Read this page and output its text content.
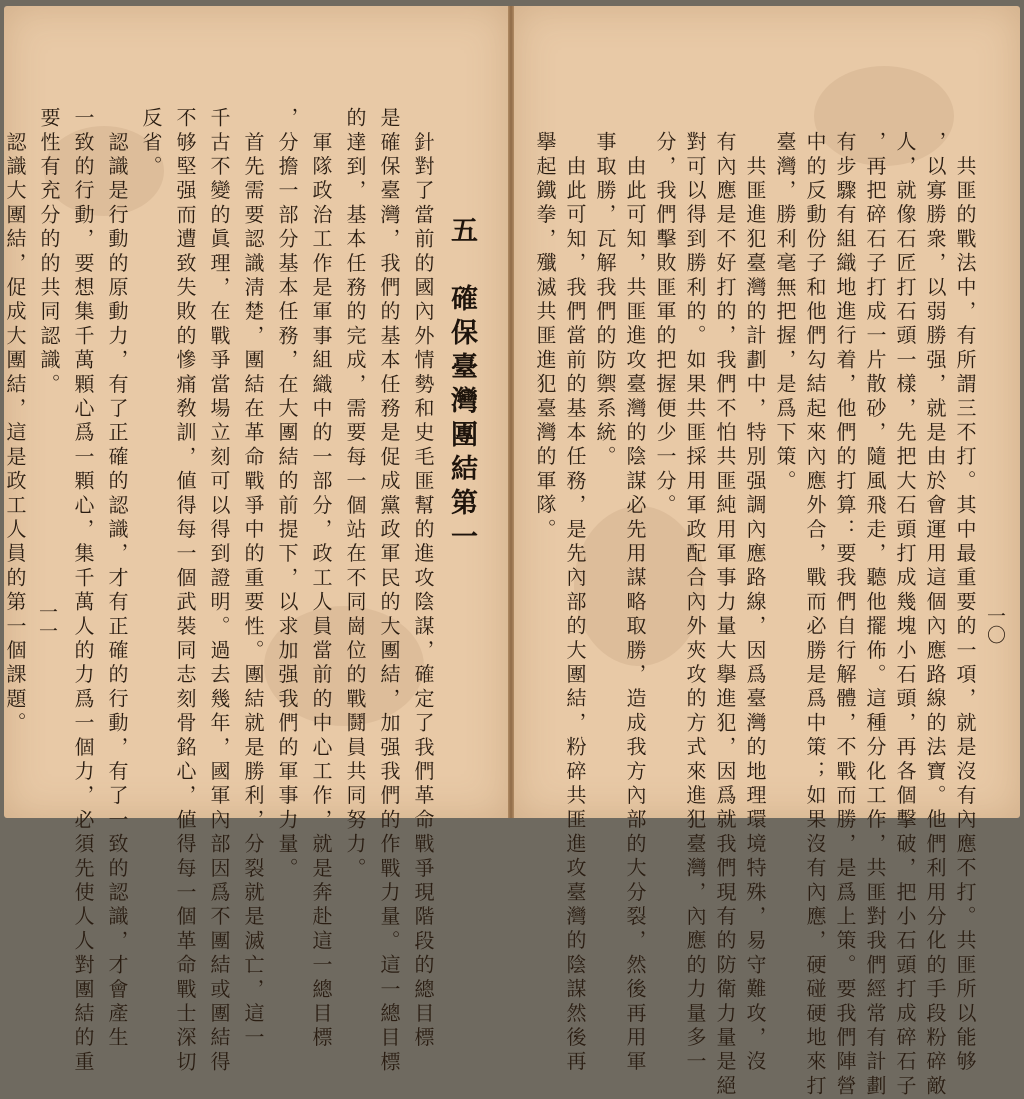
五　確保臺灣團結第一
　針對了當前的國內外情勢和史毛匪幫的進攻陰謀，確定了我們革命戰爭現階段的總目標
是確保臺灣，我們的基本任務是促成黨政軍民的大團結，加强我們的作戰力量。這一總目標
的達到，基本任務的完成，需要每一個站在不同崗位的戰鬪員共同努力。
　軍隊政治工作是軍事組織中的一部分，政工人員當前的中心工作，就是奔赴這一總目標
，分擔一部分基本任務，在大團結的前提下，以求加强我們的軍事力量。
　首先需要認識淸楚，團結在革命戰爭中的重要性。團結就是勝利，分裂就是滅亡，這一
千古不變的眞理，在戰爭當場立刻可以得到證明。過去幾年，國軍內部因爲不團結或團結得
不够堅强而遭致失敗的慘痛敎訓，値得每一個武裝同志刻骨銘心，値得每一個革命戰士深切
反省。
　認識是行動的原動力，有了正確的認識，才有正確的行動，有了一致的認識，才會產生
一致的行動，要想集千萬顆心爲一顆心，集千萬人的力爲一個力，必須先使人人對團結的重
要性有充分的的共同認識。
　認識大團結，促成大團結，這是政工人員的第一個課題。 一一	一〇
　共匪的戰法中，有所謂三不打。其中最重要的一項，就是沒有內應不打。共匪所以能够
，以寡勝衆，以弱勝强，就是由於會運用這個內應路線的法寶。他們利用分化的手段粉碎敵
人，就像石匠打石頭一樣，先把大石頭打成幾塊小石頭，再各個擊破，把小石頭打成碎石子
，再把碎石子打成一片散砂，隨風飛走，聽他擺佈。這種分化工作，共匪對我們經常有計劃
有步驟有組織地進行着，他們的打算：要我們自行解體，不戰而勝，是爲上策。要我們陣營
中的反動份子和他們勾結起來內應外合，戰而必勝是爲中策；如果沒有內應，硬碰硬地來打
臺灣，勝利毫無把握，是爲下策。
　共匪進犯臺灣的計劃中，特別强調內應路線，因爲臺灣的地理環境特殊，易守難攻，沒
有內應是不好打的，我們不怕共匪純用軍事力量大擧進犯，因爲就我們現有的防衛力量是絕
對可以得到勝利的。如果共匪採用軍政配合內外夾攻的方式來進犯臺灣，內應的力量多一
分，我們擊敗匪軍的把握便少一分。
　由此可知，共匪進攻臺灣的陰謀必先用謀略取勝，造成我方內部的大分裂，然後再用軍
事取勝，瓦解我們的防禦系統。
　由此可知，我們當前的基本任務，是先內部的大團結，粉碎共匪進攻臺灣的陰謀然後再
擧起鐵拳，殲滅共匪進犯臺灣的軍隊。
